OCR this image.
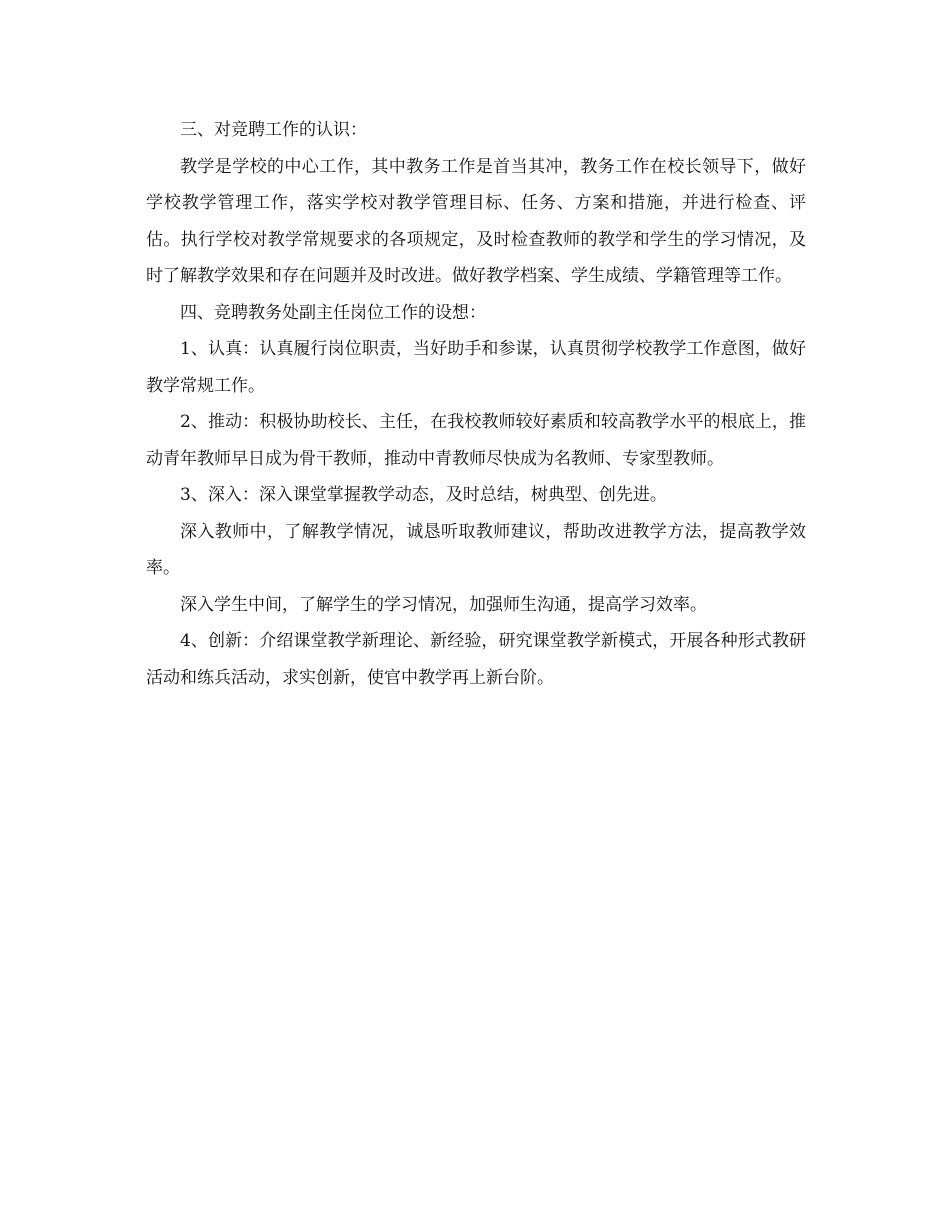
三、对竞聘工作的认识：

教学是学校的中心工作，其中教务工作是首当其冲，教务工作在校长领导下，做好学校教学管理工作，落实学校对教学管理目标、任务、方案和措施，并进行检查、评估。执行学校对教学常规要求的各项规定，及时检查教师的教学和学生的学习情况，及时了解教学效果和存在问题并及时改进。做好教学档案、学生成绩、学籍管理等工作。

四、竞聘教务处副主任岗位工作的设想：

1、认真：认真履行岗位职责，当好助手和参谋，认真贯彻学校教学工作意图，做好教学常规工作。

2、推动：积极协助校长、主任，在我校教师较好素质和较高教学水平的根底上，推动青年教师早日成为骨干教师，推动中青教师尽快成为名教师、专家型教师。

3、深入：深入课堂掌握教学动态，及时总结，树典型、创先进。

深入教师中，了解教学情况，诚恳听取教师建议，帮助改进教学方法，提高教学效率。

深入学生中间，了解学生的学习情况，加强师生沟通，提高学习效率。

4、创新：介绍课堂教学新理论、新经验，研究课堂教学新模式，开展各种形式教研活动和练兵活动，求实创新，使官中教学再上新台阶。
